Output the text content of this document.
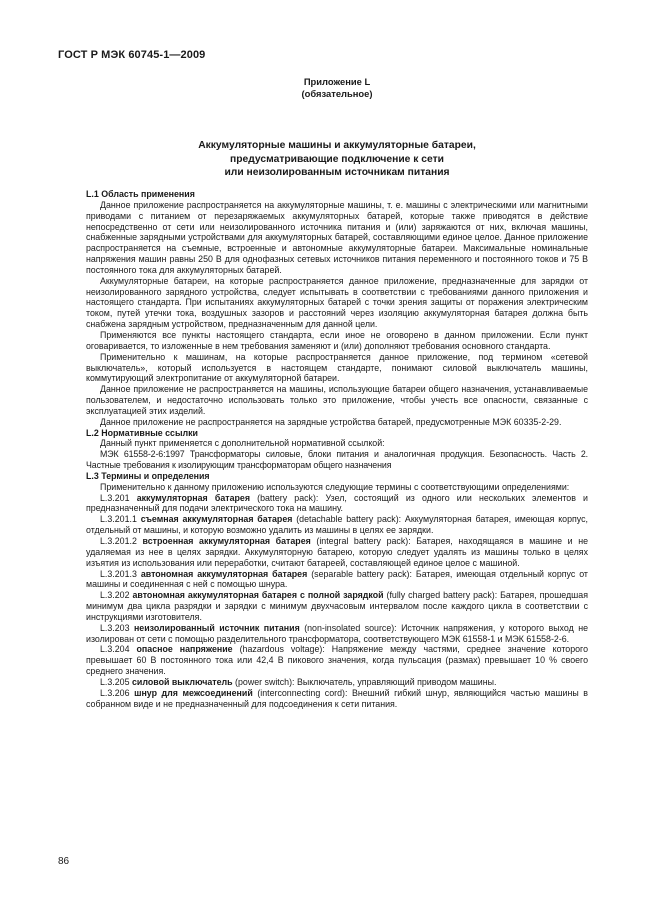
ГОСТ Р МЭК 60745-1—2009
Приложение L
(обязательное)
Аккумуляторные машины и аккумуляторные батареи,
предусматривающие подключение к сети
или неизолированным источникам питания

L.1 Область применения

Данное приложение распространяется на аккумуляторные машины, т. е. машины с электрическими или магнитными приводами с питанием от перезаряжаемых аккумуляторных батарей, которые также приводятся в действие непосредственно от сети или неизолированного источника питания и (или) заряжаются от них, включая машины, снабженные зарядными устройствами для аккумуляторных батарей, составляющими единое целое. Данное приложение распространяется на съемные, встроенные и автономные аккумуляторные батареи. Максимальные номинальные напряжения машин равны 250 В для однофазных сетевых источников питания переменного и постоянного токов и 75 В постоянного тока для аккумуляторных батарей.

Аккумуляторные батареи, на которые распространяется данное приложение, предназначенные для зарядки от неизолированного зарядного устройства, следует испытывать в соответствии с требованиями данного приложения и настоящего стандарта. При испытаниях аккумуляторных батарей с точки зрения защиты от поражения электрическим током, путей утечки тока, воздушных зазоров и расстояний через изоляцию аккумуляторная батарея должна быть снабжена зарядным устройством, предназначенным для данной цели.

Применяются все пункты настоящего стандарта, если иное не оговорено в данном приложении. Если пункт оговаривается, то изложенные в нем требования заменяют и (или) дополняют требования основного стандарта.

Применительно к машинам, на которые распространяется данное приложение, под термином «сетевой выключатель», который используется в настоящем стандарте, понимают силовой выключатель машины, коммутирующий электропитание от аккумуляторной батареи.

Данное приложение не распространяется на машины, использующие батареи общего назначения, устанавливаемые пользователем, и недостаточно использовать только это приложение, чтобы учесть все опасности, связанные с эксплуатацией этих изделий.

Данное приложение не распространяется на зарядные устройства батарей, предусмотренные МЭК 60335-2-29.

L.2 Нормативные ссылки

Данный пункт применяется с дополнительной нормативной ссылкой:

МЭК 61558-2-6:1997 Трансформаторы силовые, блоки питания и аналогичная продукция. Безопасность. Часть 2. Частные требования к изолирующим трансформаторам общего назначения

L.3 Термины и определения

Применительно к данному приложению используются следующие термины с соответствующими определениями:

L.3.201 аккумуляторная батарея (battery pack): Узел, состоящий из одного или нескольких элементов и предназначенный для подачи электрического тока на машину.

L.3.201.1 съемная аккумуляторная батарея (detachable battery pack): Аккумуляторная батарея, имеющая корпус, отдельный от машины, и которую возможно удалить из машины в целях ее зарядки.

L.3.201.2 встроенная аккумуляторная батарея (integral battery pack): Батарея, находящаяся в машине и не удаляемая из нее в целях зарядки. Аккумуляторную батарею, которую следует удалять из машины только в целях изъятия из использования или переработки, считают батареей, составляющей единое целое с машиной.

L.3.201.3 автономная аккумуляторная батарея (separable battery pack): Батарея, имеющая отдельный корпус от машины и соединенная с ней с помощью шнура.

L.3.202 автономная аккумуляторная батарея с полной зарядкой (fully charged battery pack): Батарея, прошедшая минимум два цикла разрядки и зарядки с минимум двухчасовым интервалом после каждого цикла в соответствии с инструкциями изготовителя.

L.3.203 неизолированный источник питания (non-insolated source): Источник напряжения, у которого выход не изолирован от сети с помощью разделительного трансформатора, соответствующего МЭК 61558-1 и МЭК 61558-2-6.

L.3.204 опасное напряжение (hazardous voltage): Напряжение между частями, среднее значение которого превышает 60 В постоянного тока или 42,4 В пикового значения, когда пульсация (размах) превышает 10 % своего среднего значения.

L.3.205 силовой выключатель (power switch): Выключатель, управляющий приводом машины.

L.3.206 шнур для межсоединений (interconnecting cord): Внешний гибкий шнур, являющийся частью машины в собранном виде и не предназначенный для подсоединения к сети питания.

86
